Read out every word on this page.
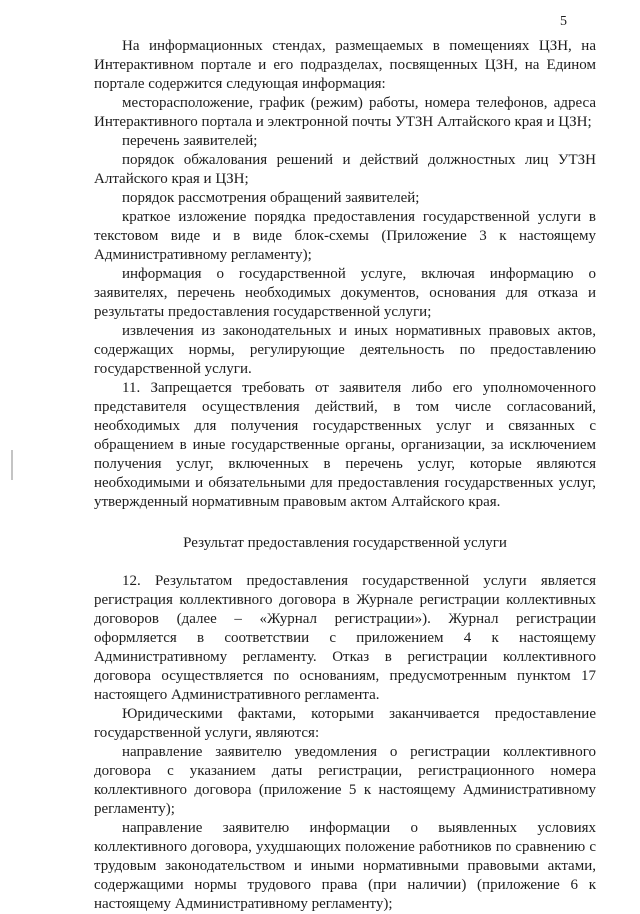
5

На информационных стендах, размещаемых в помещениях ЦЗН, на Интерактивном портале и его подразделах, посвященных ЦЗН, на Едином портале содержится следующая информация:

месторасположение, график (режим) работы, номера телефонов, адреса Интерактивного портала и электронной почты УТЗН Алтайского края и ЦЗН;

перечень заявителей;

порядок обжалования решений и действий должностных лиц УТЗН Алтайского края и ЦЗН;

порядок рассмотрения обращений заявителей;

краткое изложение порядка предоставления государственной услуги в текстовом виде и в виде блок-схемы (Приложение 3 к настоящему Административному регламенту);

информация о государственной услуге, включая информацию о заявителях, перечень необходимых документов, основания для отказа и результаты предоставления государственной услуги;

извлечения из законодательных и иных нормативных правовых актов, содержащих нормы, регулирующие деятельность по предоставлению государственной услуги.

11. Запрещается требовать от заявителя либо его уполномоченного представителя осуществления действий, в том числе согласований, необходимых для получения государственных услуг и связанных с обращением в иные государственные органы, организации, за исключением получения услуг, включенных в перечень услуг, которые являются необходимыми и обязательными для предоставления государственных услуг, утвержденный нормативным правовым актом Алтайского края.

Результат предоставления государственной услуги

12. Результатом предоставления государственной услуги является регистрация коллективного договора в Журнале регистрации коллективных договоров (далее – «Журнал регистрации»). Журнал регистрации оформляется в соответствии с приложением 4 к настоящему Административному регламенту. Отказ в регистрации коллективного договора осуществляется по основаниям, предусмотренным пунктом 17 настоящего Административного регламента.

Юридическими фактами, которыми заканчивается предоставление государственной услуги, являются:

направление заявителю уведомления о регистрации коллективного договора с указанием даты регистрации, регистрационного номера коллективного договора (приложение 5 к настоящему Административному регламенту);

направление заявителю информации о выявленных условиях коллективного договора, ухудшающих положение работников по сравнению с трудовым законодательством и иными нормативными правовыми актами, содержащими нормы трудового права (при наличии) (приложение 6 к настоящему Административному регламенту);
